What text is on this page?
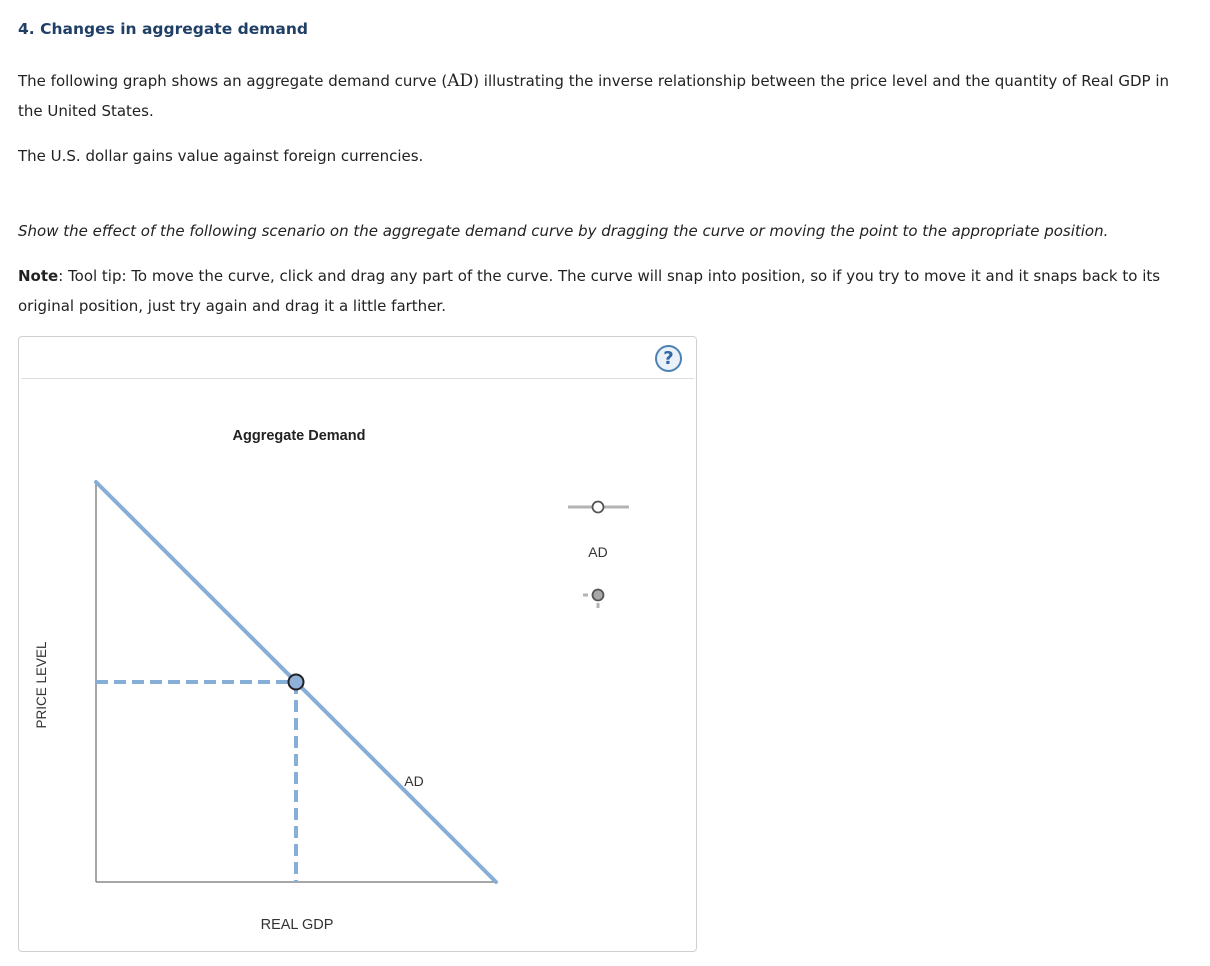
4. Changes in aggregate demand
The following graph shows an aggregate demand curve (AD) illustrating the inverse relationship between the price level and the quantity of Real GDP in the United States.
The U.S. dollar gains value against foreign currencies.
Show the effect of the following scenario on the aggregate demand curve by dragging the curve or moving the point to the appropriate position.
Note: Tool tip: To move the curve, click and drag any part of the curve. The curve will snap into position, so if you try to move it and it snaps back to its original position, just try again and drag it a little farther.
?
Aggregate Demand
AD
REAL GDP
PRICE LEVEL
AD
